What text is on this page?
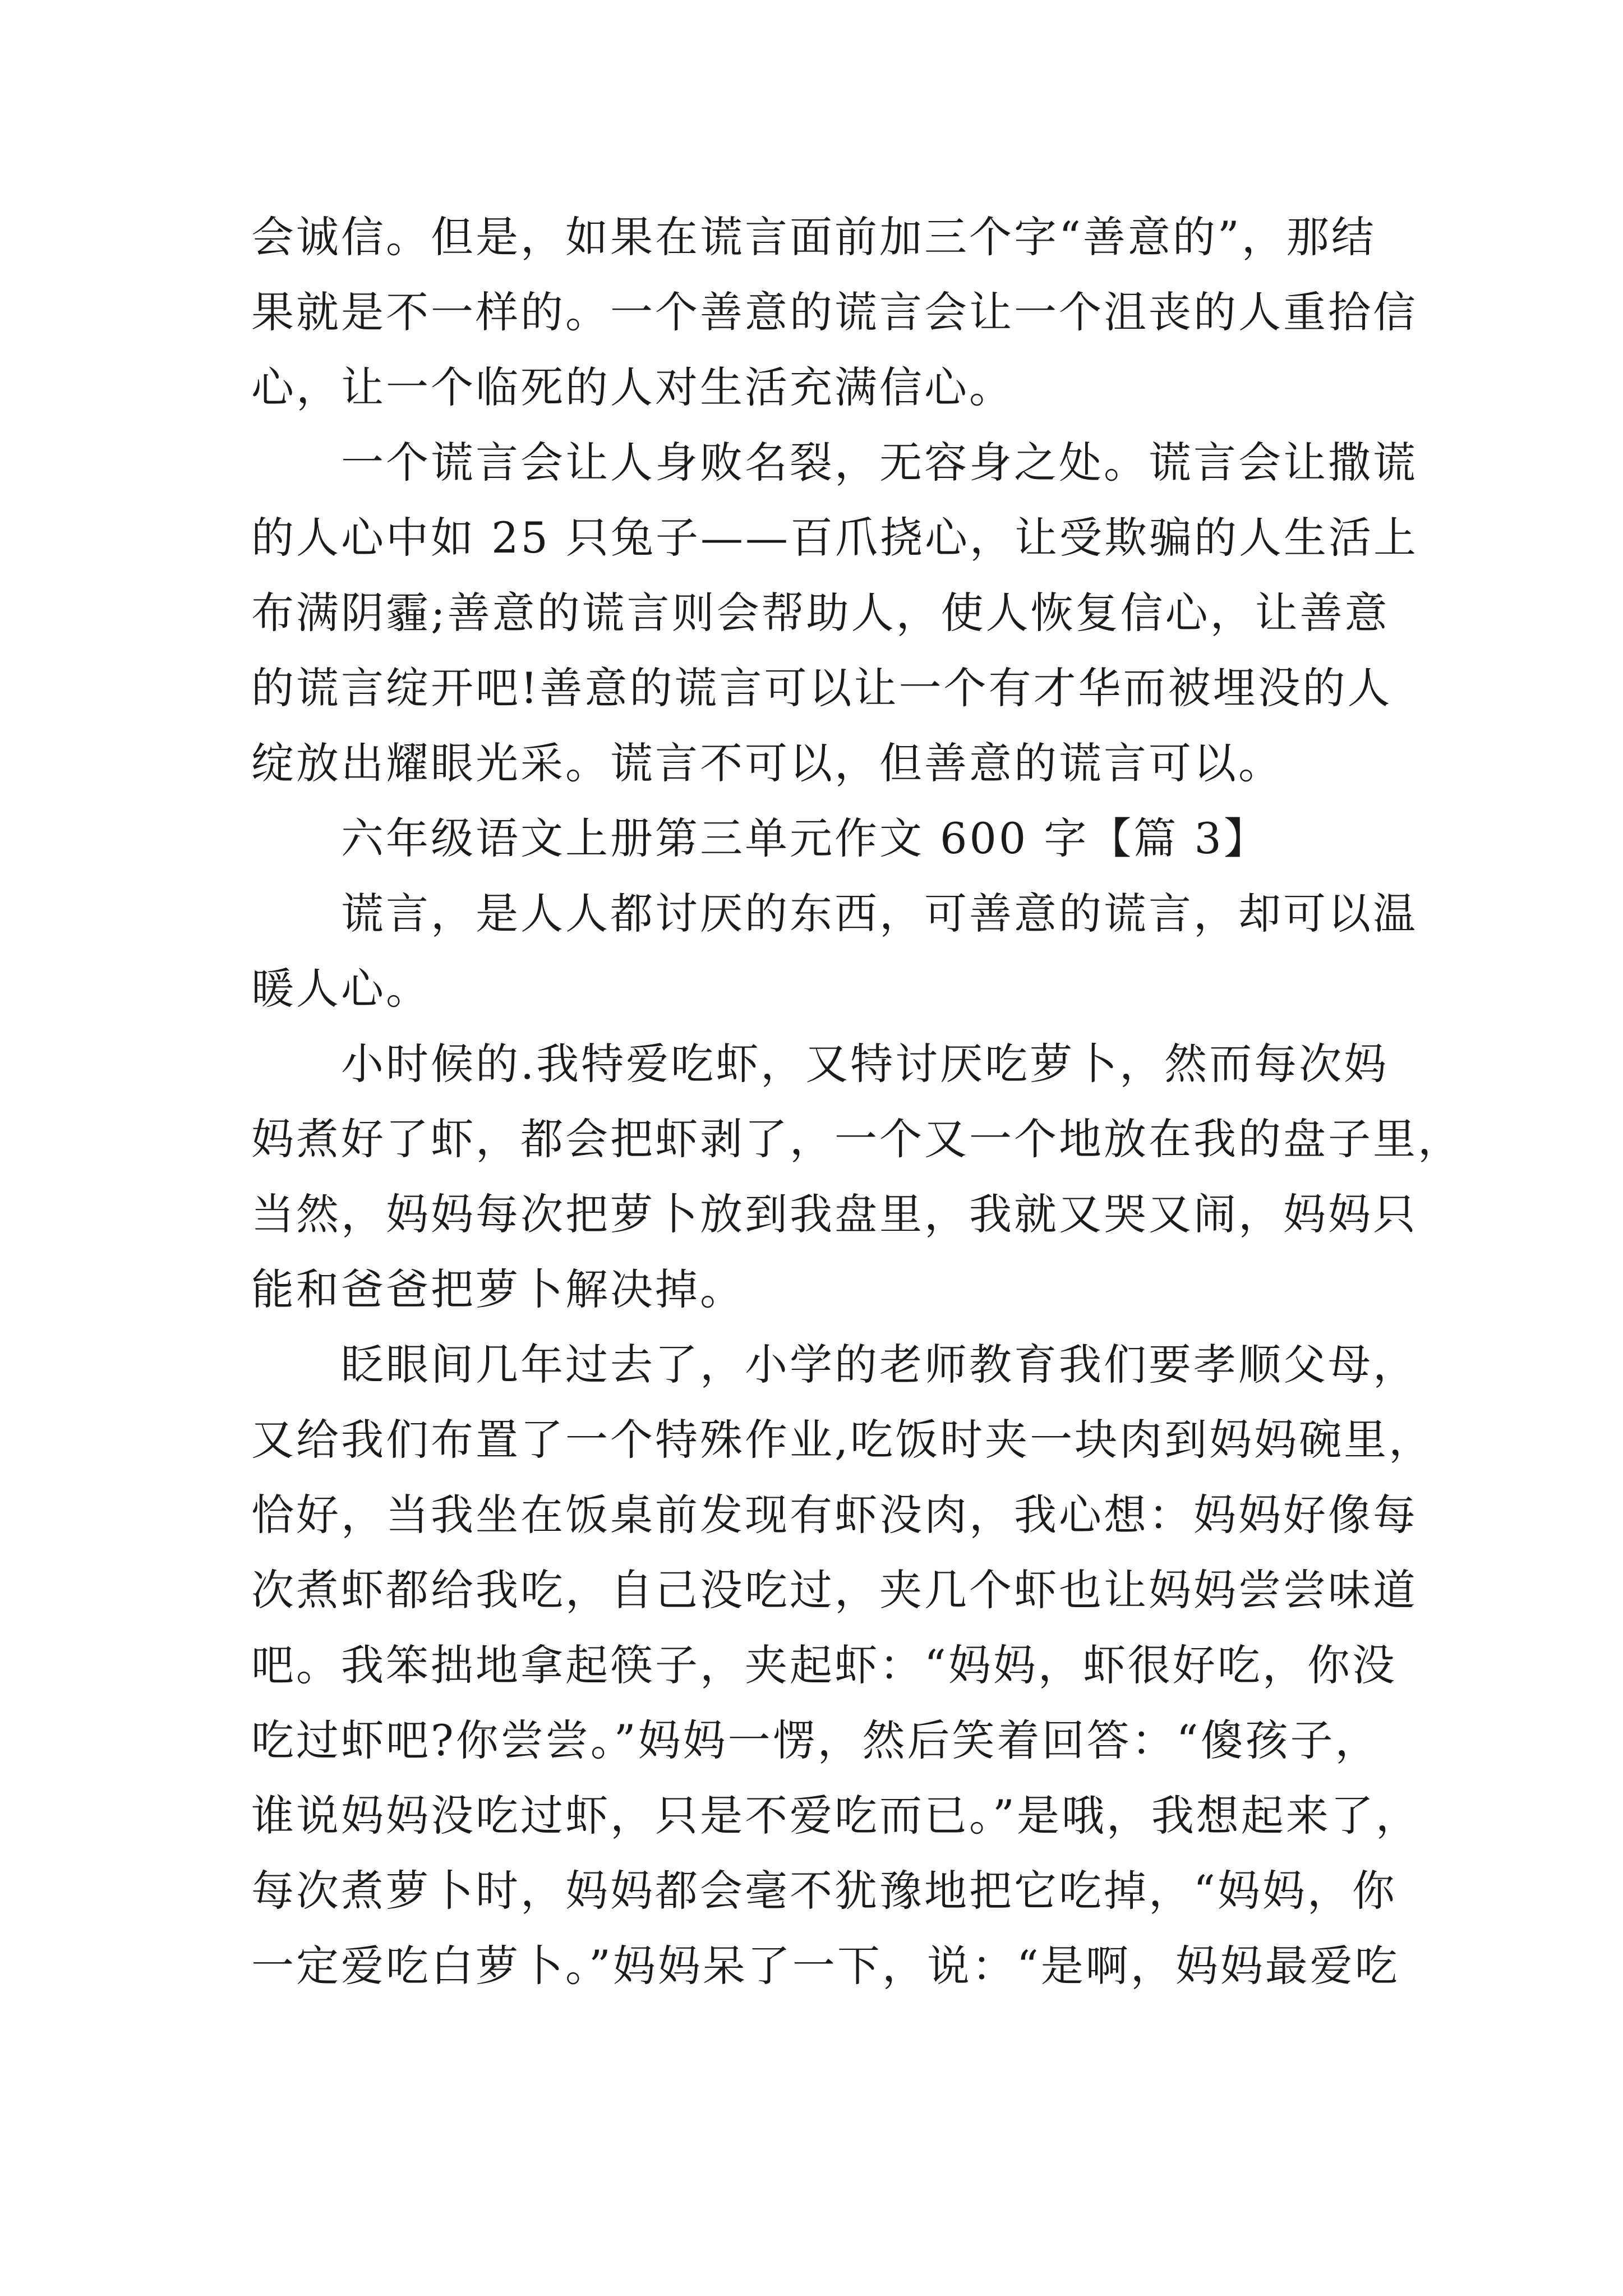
会诚信。但是，如果在谎言面前加三个字“善意的”，那结
果就是不一样的。一个善意的谎言会让一个沮丧的人重拾信
心，让一个临死的人对生活充满信心。
一个谎言会让人身败名裂，无容身之处。谎言会让撒谎
的人心中如 25 只兔子——百爪挠心，让受欺骗的人生活上
布满阴霾;善意的谎言则会帮助人，使人恢复信心，让善意
的谎言绽开吧!善意的谎言可以让一个有才华而被埋没的人
绽放出耀眼光采。谎言不可以，但善意的谎言可以。
六年级语文上册第三单元作文 600 字【篇 3】
谎言，是人人都讨厌的东西，可善意的谎言，却可以温
暖人心。
小时候的.我特爱吃虾，又特讨厌吃萝卜，然而每次妈
妈煮好了虾，都会把虾剥了，一个又一个地放在我的盘子里，
当然，妈妈每次把萝卜放到我盘里，我就又哭又闹，妈妈只
能和爸爸把萝卜解决掉。
眨眼间几年过去了，小学的老师教育我们要孝顺父母，
又给我们布置了一个特殊作业,吃饭时夹一块肉到妈妈碗里，
恰好，当我坐在饭桌前发现有虾没肉，我心想：妈妈好像每
次煮虾都给我吃，自己没吃过，夹几个虾也让妈妈尝尝味道
吧。我笨拙地拿起筷子，夹起虾：“妈妈，虾很好吃，你没
吃过虾吧?你尝尝。”妈妈一愣，然后笑着回答：“傻孩子，
谁说妈妈没吃过虾，只是不爱吃而已。”是哦，我想起来了，
每次煮萝卜时，妈妈都会毫不犹豫地把它吃掉，“妈妈，你
一定爱吃白萝卜。”妈妈呆了一下，说：“是啊，妈妈最爱吃
